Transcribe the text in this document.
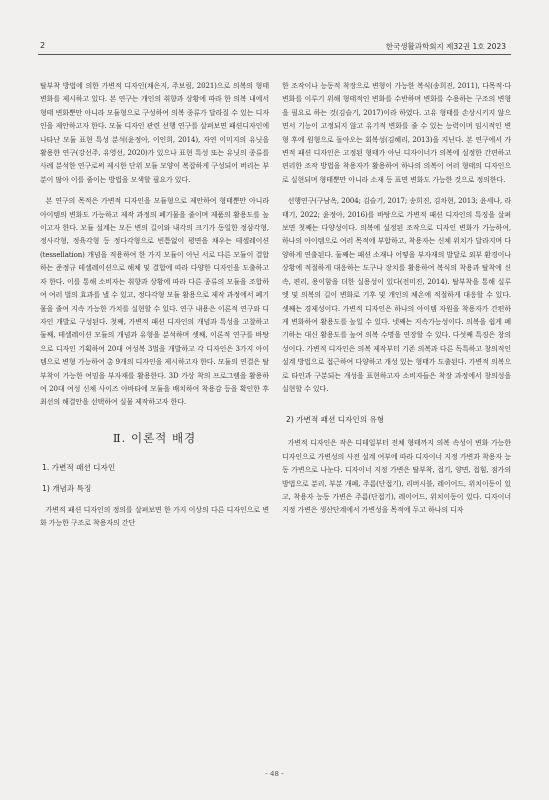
2	한국생활과학회지 제32권 1호 2023

탈부착 방법에 의한 가변적 디자인(채은지, 주보림, 2021)으로 의복의 형태 변화를 제시하고 있다. 본 연구는 개인의 취향과 상황에 따라 한 의복 내에서 형태 변화뿐만 아니라 모듈형으로 구성하여 의복 종류가 달라질 수 있는 디자인을 제안하고자 한다. 모듈 디자인 관련 선행 연구를 살펴보면 패션디자인에 나타난 모듈 표현 특성 분석(윤정아, 이인희, 2014), 자연 이미지의 유닛을 활용한 연구(강선주, 유영선, 2020)가 있으나 표현 특성 또는 유닛의 종류를 사례 분석한 연구로써 제시한 단위 모듈 모양이 복잡하게 구성되어 버리는 부분이 많아 이를 줄이는 방법을 모색할 필요가 있다.

본 연구의 목적은 가변적 디자인을 모듈형으로 제안하여 형태뿐만 아니라 아이템의 변화도 가능하고 제작 과정의 폐기물을 줄이며 제품의 활용도를 높이고자 한다. 모듈 설계는 모든 변의 길이와 내각의 크기가 동일한 정삼각형, 정사각형, 정육각형 등 정다각형으로 빈틈없이 평면을 채우는 테셀레이션(tessellation) 개념을 적용하여 한 가지 모듈이 아닌 서로 다른 모듈이 결합하는 준정규 테셀레이션으로 해체 및 결합에 따라 다양한 디자인을 도출하고자 한다. 이를 통해 소비자는 취향과 상황에 따라 다른 종류의 모듈을 조합하여 여러 벌의 효과를 낼 수 있고, 정다각형 모듈 활용으로 제작 과정에서 폐기물을 줄여 지속 가능한 가치를 실현할 수 있다. 연구 내용은 이론적 연구와 디자인 개발로 구성된다. 첫째, 가변적 패션 디자인의 개념과 특성을 고찰하고 둘째, 테셀레이션 모듈의 개념과 유형을 분석하며 셋째, 이론적 연구를 바탕으로 디자인 기획하여 20대 여성복 3벌을 개발하고 각 디자인은 3가지 아이템으로 변형 가능하여 총 9개의 디자인을 제시하고자 한다. 모듈의 연결은 탈부착이 가능한 여밈을 부자재를 활용한다. 3D 가상 착의 프로그램을 활용하여 20대 여성 신체 사이즈 아바타에 모듈을 배치하여 착용감 등을 확인한 후 최선의 해결안을 선택하여 실물 제작하고자 한다.

Ⅱ. 이론적 배경
1. 가변적 패션 디자인
1) 개념과 특징

가변적 패션 디자인의 정의를 살펴보면 한 가지 이상의 다른 디자인으로 변화 가능한 구조로 착용자의 간단

한 조작이나 능동적 착장으로 변형이 가능한 복식(송희진, 2011), 다목적·다변화를 이루기 위해 형태적인 변화를 수반하며 변화를 수용하는 구조의 변형을 필요로 하는 것(김슬기, 2017)이라 하였다. 고유 형태를 손상시키지 않으면서 기능이 고정되지 않고 유기적 변화를 줄 수 있는 능력이며 임시적인 변형 후에 원형으로 돌아오는 회복성(김혜리, 2013)을 지닌다. 본 연구에서 가변적 패션 디자인은 고정된 형태가 아닌 디자이너가 의복에 설정한 간편하고 편리한 조작 방법을 착용자가 활용하여 하나의 의복이 여러 형태의 디자인으로 실현되며 형태뿐만 아니라 소재 등 표면 변화도 가능한 것으로 정의한다.

선행연구(구남옥, 2004; 김슬기, 2017; 송희진, 김차현, 2013; 윤세나, 라태기, 2022; 윤정아, 2016)를 바탕으로 가변적 패션 디자인의 특징을 살펴보면 첫째는 다양성이다. 의복에 설정된 조작으로 디자인 변화가 가능하여, 하나의 아이템으로 여러 목적에 부합하고, 착용자는 신체 위치가 달라지며 다양하게 연출된다. 둘째는 패션 소재나 어떻을 부자재의 발달로 외부 환경이나 상황에 적절하게 대응하는 도구나 장치를 활용하여 복식의 착용과 탈착에 신속, 편리, 용이함을 더한 실용성이 있다(전미진, 2014). 탈부착을 통해 실루엣 및 의복의 길이 변화로 기후 및 개인의 체온에 적절하게 대응할 수 있다. 셋째는 경제성이다. 가변적 디자인은 하나의 아이템 자원을 착용자가 간편하게 변화하여 활용도를 높일 수 있다. 넷째는 지속가능성이다. 의복을 쉽게 폐기하는 대신 활용도를 높여 의복 수명을 연장할 수 있다. 다섯째 특징은 창의성이다. 가변적 디자인은 의복 제작부터 기존 의복과 다른 독특하고 창의적인 설계 방법으로 접근하여 다양하고 개성 있는 형태가 도출된다. 가변적 의복으로 타인과 구분되는 개성을 표현하고자 소비자들은 착장 과정에서 창의성을 실현할 수 있다.

2) 가변적 패션 디자인의 유형

가변적 디자인은 작은 디테일부터 전체 형태까지 의복 속성이 변화 가능한 디자인으로 가변성의 사전 설계 여부에 따라 디자이너 지정 가변과 착용자 능동 가변으로 나눈다. 디자이너 지정 가변은 탈부착, 접기, 양면, 접힘, 점가의 방법으로 분리, 부분 개폐, 주름(단접기), 리버시블, 레이어드, 위치이동이 있고, 착용자 능동 가변은 주름(단접기), 레이어드, 위치이동이 있다. 디자이너 지정 가변은 생산단계에서 가변성을 목적에 두고 하나의 디자

- 48 -
